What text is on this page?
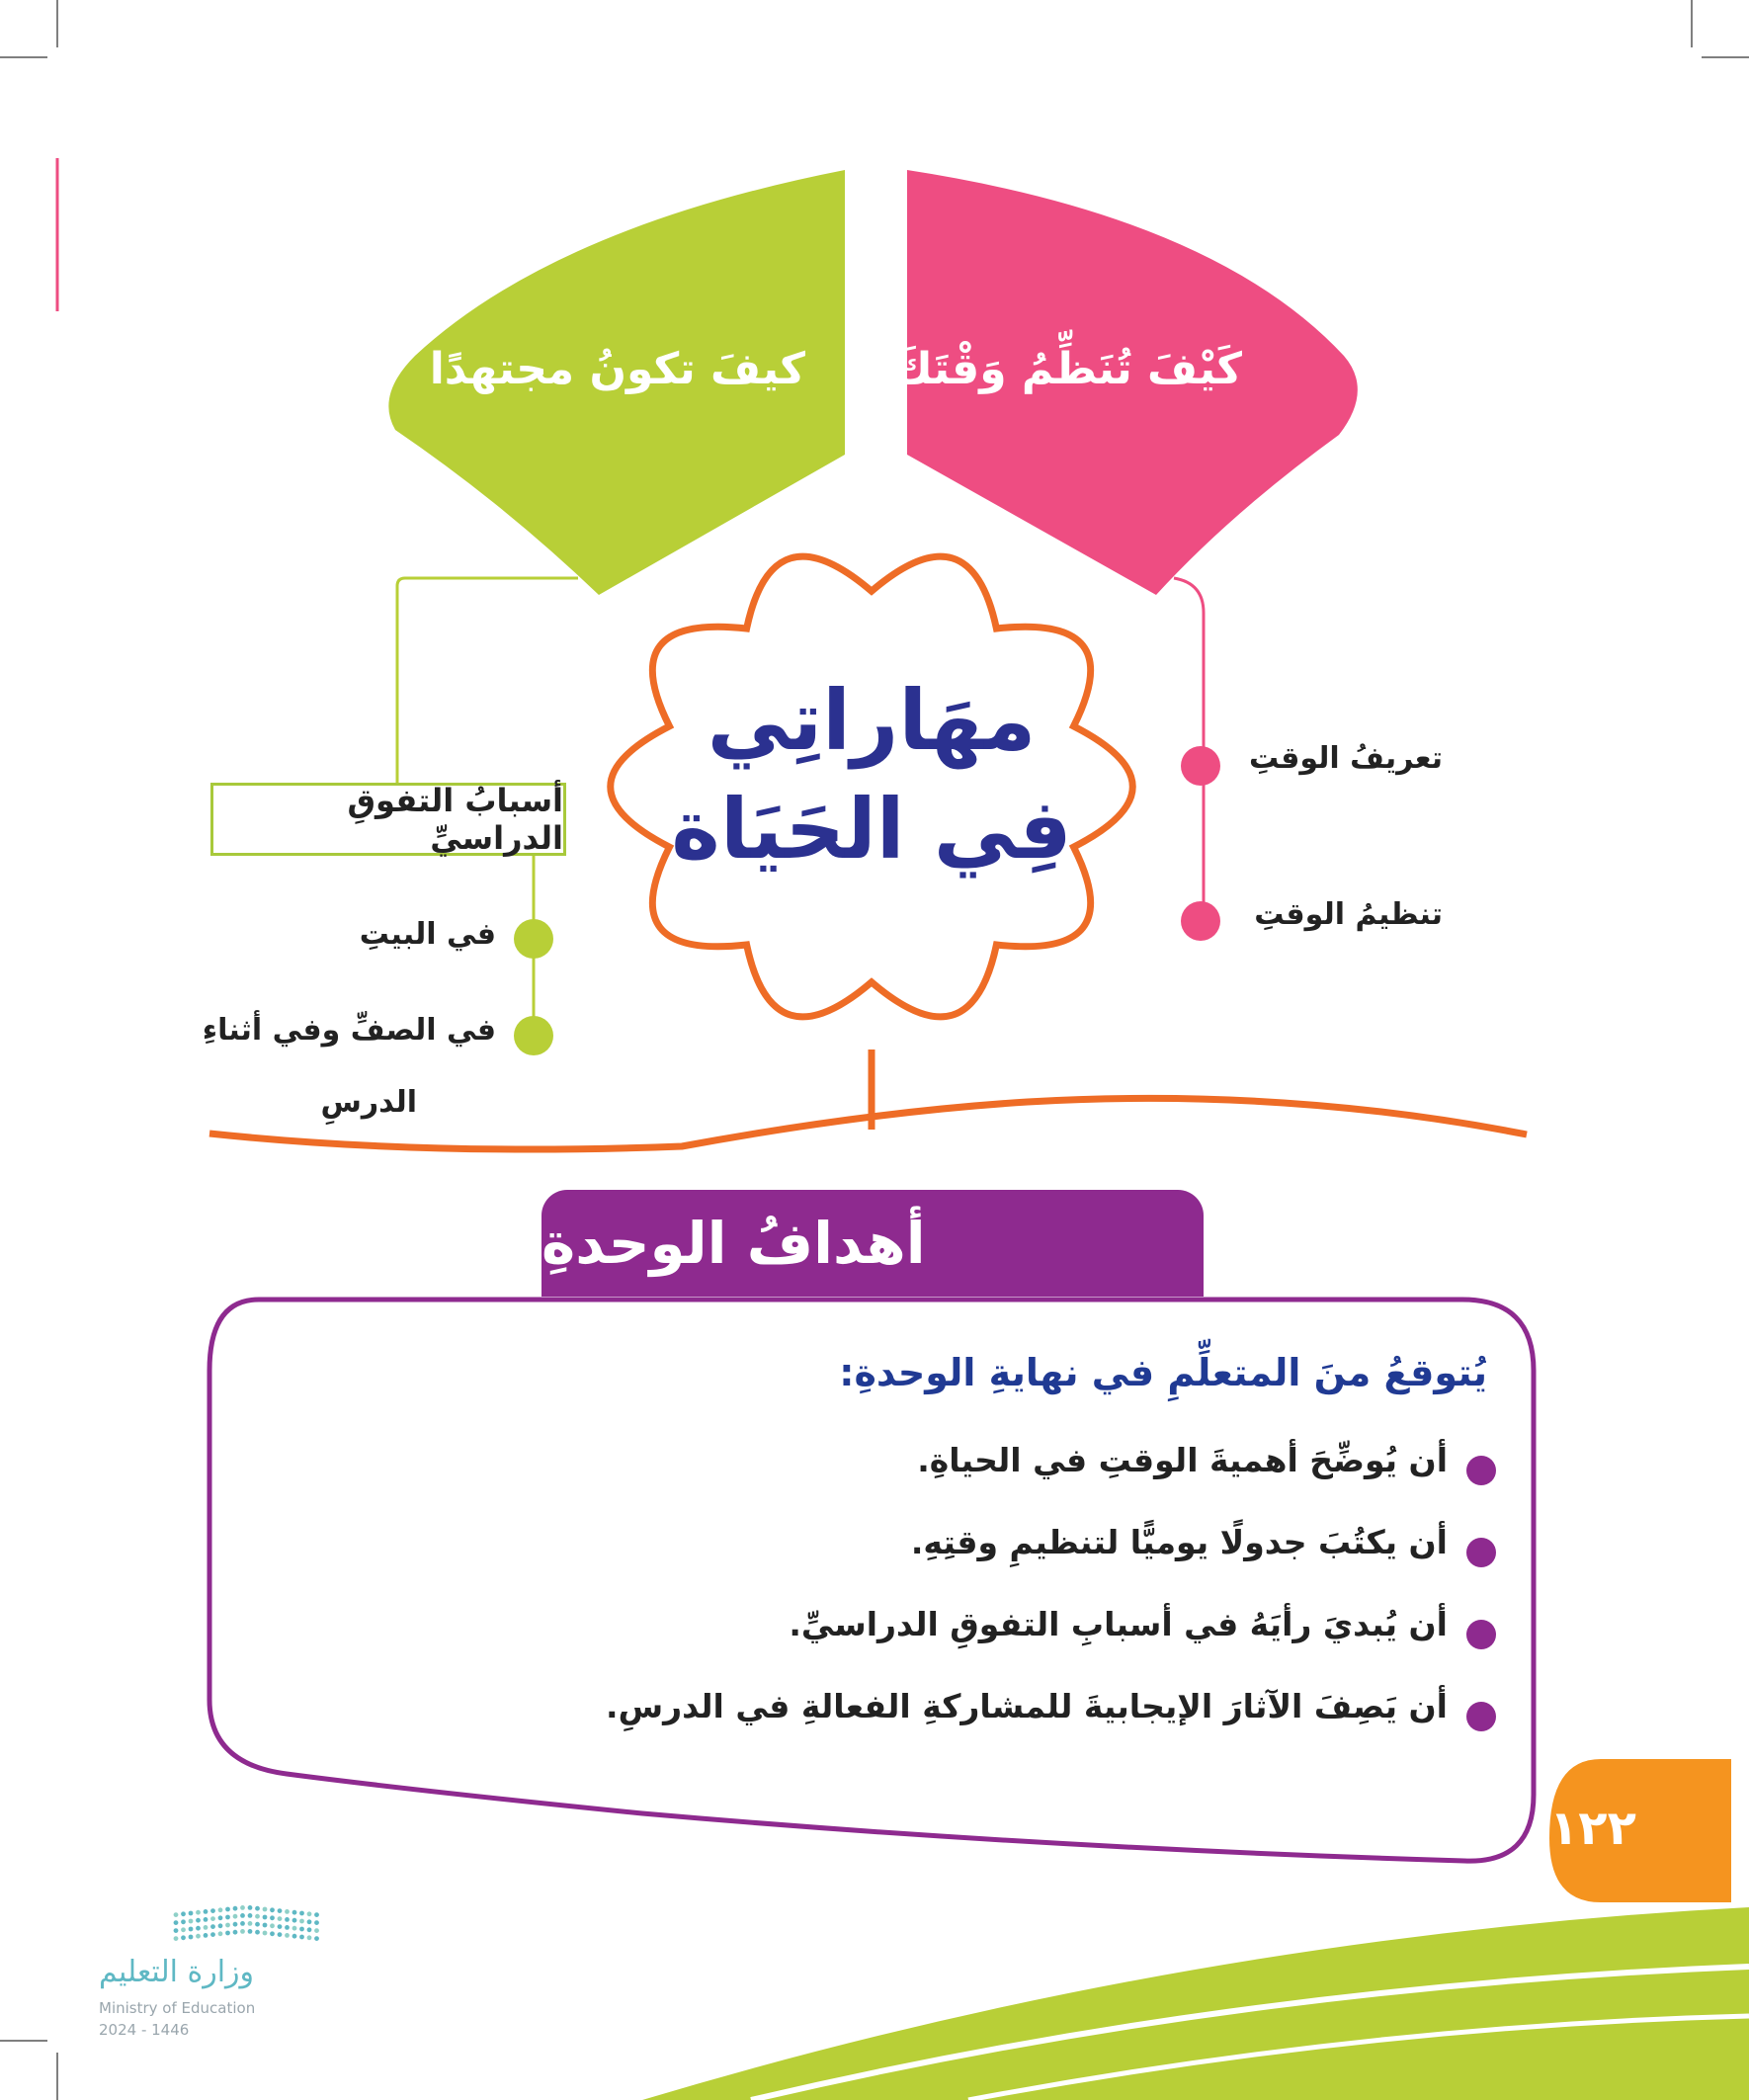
كيفَ تكونُ مجتهدًا كَيْفَ تُنَظِّمُ وَقْتَكَ
مهَاراتِي
فِي الحَيَاة
تعريفُ الوقتِ
تنظيمُ الوقتِ
أسبابُ التفوقِ الدراسيِّ
في البيتِ
في الصفِّ وفي أثناءِ
الدرسِ
أهدافُ الوحدةِ
يُتوقعُ منَ المتعلِّمِ في نهايةِ الوحدةِ:
أن يُوضِّحَ أهميةَ الوقتِ في الحياةِ.
أن يكتُبَ جدولًا يوميًّا لتنظيمِ وقتِهِ.
أن يُبديَ رأيَهُ في أسبابِ التفوقِ الدراسيِّ.
أن يَصِفَ الآثارَ الإيجابيةَ للمشاركةِ الفعالةِ في الدرسِ.
١٢٢
وزارة التعليم
Ministry of Education
2024 - 1446
